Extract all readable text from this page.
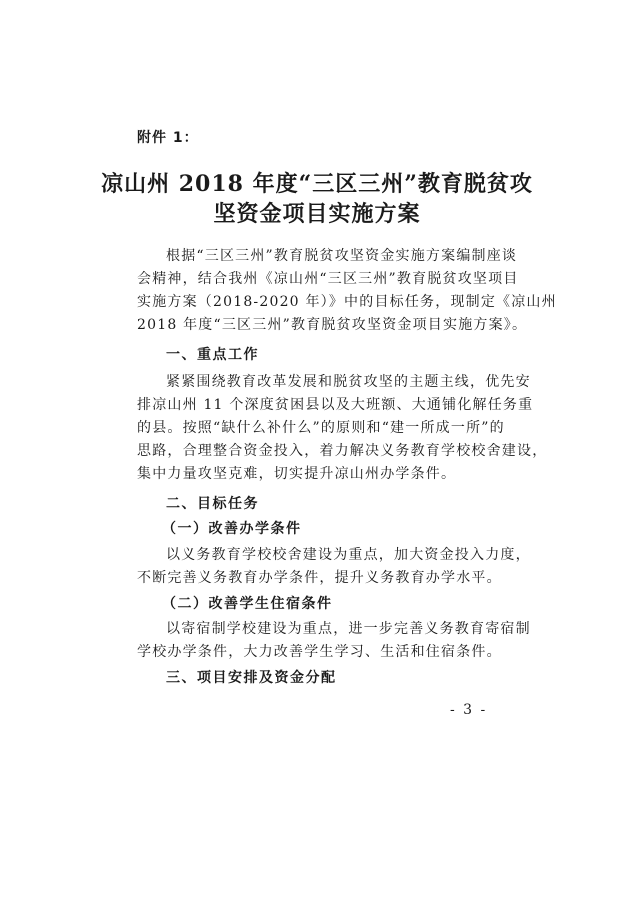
附件 1：
凉山州 2018 年度“三区三州”教育脱贫攻
坚资金项目实施方案
根据“三区三州”教育脱贫攻坚资金实施方案编制座谈
会精神，结合我州《凉山州“三区三州”教育脱贫攻坚项目
实施方案（2018-2020 年）》中的目标任务，现制定《凉山州
2018 年度“三区三州”教育脱贫攻坚资金项目实施方案》。
一、重点工作
紧紧围绕教育改革发展和脱贫攻坚的主题主线，优先安
排凉山州 11 个深度贫困县以及大班额、大通铺化解任务重
的县。按照“缺什么补什么”的原则和“建一所成一所”的
思路，合理整合资金投入，着力解决义务教育学校校舍建设，
集中力量攻坚克难，切实提升凉山州办学条件。
二、目标任务
（一）改善办学条件
以义务教育学校校舍建设为重点，加大资金投入力度，
不断完善义务教育办学条件，提升义务教育办学水平。
（二）改善学生住宿条件
以寄宿制学校建设为重点，进一步完善义务教育寄宿制
学校办学条件，大力改善学生学习、生活和住宿条件。
三、项目安排及资金分配
- 3 -
